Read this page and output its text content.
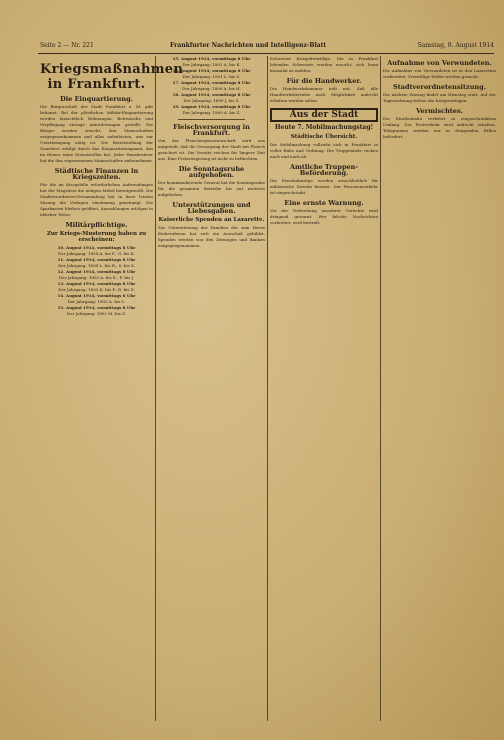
Seite 2 — Nr. 221	Frankfurter Nachrichten und Intelligenz-Blatt	Samstag, 8. August 1914
Kriegsmaßnahmen in Frankfurt.
Die Einquartierung.
Die Bürgerschaft der Stadt Frankfurt a. M. gibt bekannt: Bei der plötzlichen Militär-Einquartierung werden hinsichtlich Wohnungen, Bettwäsche und Verpflegung strenge Anforderungen gestellt. Die Bürger werden ersucht, den Mannschaften entgegenzukommen und alles aufzubieten, was zur Unterbringung nötig ist. Die Bereitstellung der Quartiere erfolgt durch das Einquartierungsamt, das im Römer seine Dienststellen hat. Jeder Hausbesitzer hat die ihm zugewiesenen Mannschaften aufzunehmen.
Städtische Finanzen in Kriegszeiten.
Für die im Kriegsfalle erforderlichen Aufwendungen hat der Magistrat die nötigen Mittel bereitgestellt. Die Stadtverordneten-Versammlung hat in ihrer letzten Sitzung die Vorlagen einstimmig genehmigt. Die Sparkassen bleiben geöffnet, Auszahlungen erfolgen in üblicher Weise.
Militärpflichtige.
Zur Kriegs-Musterung haben zu erscheinen:
10. August 1914, vormittags 8 Uhr
Der Jahrgang: 1894 A. bis F., G. bis K.
11. August 1914, vormittags 8 Uhr
Der Jahrgang: 1894 L. bis R., S. bis Z.
12. August 1914, vormittags 8 Uhr
Der Jahrgang: 1893 A. bis E., F. bis J.
13. August 1914, vormittags 8 Uhr
Der Jahrgang: 1893 K. bis P., R. bis Z.
14. August 1914, vormittags 8 Uhr
Der Jahrgang: 1892 A. bis L.
15. August 1914, vormittags 8 Uhr
Der Jahrgang: 1892 M. bis Z.
15. August 1914, vormittags 8 Uhr
Der Jahrgang: 1891 A. bis K.
16. August 1914, vormittags 8 Uhr
Der Jahrgang: 1891 L. bis Z.
17. August 1914, vormittags 8 Uhr
Der Jahrgang: 1890 A. bis H.
18. August 1914, vormittags 8 Uhr
Der Jahrgang: 1890 J. bis Z.
19. August 1914, vormittags 8 Uhr
Der Jahrgang: 1889 A. bis Z.
Fleischversorgung in Frankfurt.
Von der Fleischergenossenschaft wird uns mitgeteilt, daß die Versorgung der Stadt mit Fleisch gesichert ist. Die Vorräte reichen für längere Zeit aus. Eine Preissteigerung ist nicht zu befürchten.
Die Sonntagsruhe aufgehoben.
Der kommandierende General hat die Sonntagsruhe für die gesamten Betriebe bis auf weiteres aufgehoben.
Unterstützungen und Liebesgaben.
Kaiserliche Spenden an Lazarette.
Zur Unterstützung der Familien der zum Heere Einberufenen hat sich ein Ausschuß gebildet. Spenden werden von den Zeitungen und Banken entgegengenommen.
Schweizer Kriegsfreiwillige. Die in Frankfurt lebenden Schweizer werden ersucht, sich beim Konsulat zu melden.
Für die Handwerker.
Die Handwerkskammer teilt mit, daß alle Handwerksbetriebe nach Möglichkeit aufrecht erhalten werden sollen.
Aus der Stadt
Heute 7. Mobilmachungstag!
Städtische Übersicht.
Die Mobilmachung vollzieht sich in Frankfurt in voller Ruhe und Ordnung. Die Truppenteile rücken nach und nach ab.
Amtliche Truppen-Beförderung.
Die Eisenbahnzüge werden ausschließlich für militärische Zwecke benutzt. Der Personenverkehr ist eingeschränkt.
Eine ernste Warnung.
Vor der Verbreitung unwahrer Gerüchte wird dringend gewarnt. Wer falsche Nachrichten verbreitet, wird bestraft.
Aufnahme von Verwundeten.
Die Aufnahme von Verwundeten ist in den Lazaretten vorbereitet. Freiwillige Helfer werden gesucht.
Stadtverordnetensitzung.
Die nächste Sitzung findet am Dienstag statt. Auf der Tagesordnung stehen die Kriegsvorlagen.
Vermischtes.
Die Straßenbahn verkehrt in eingeschränktem Umfang. Der Postverkehr wird aufrecht erhalten. Telegramme werden nur in dringenden Fällen befördert.
